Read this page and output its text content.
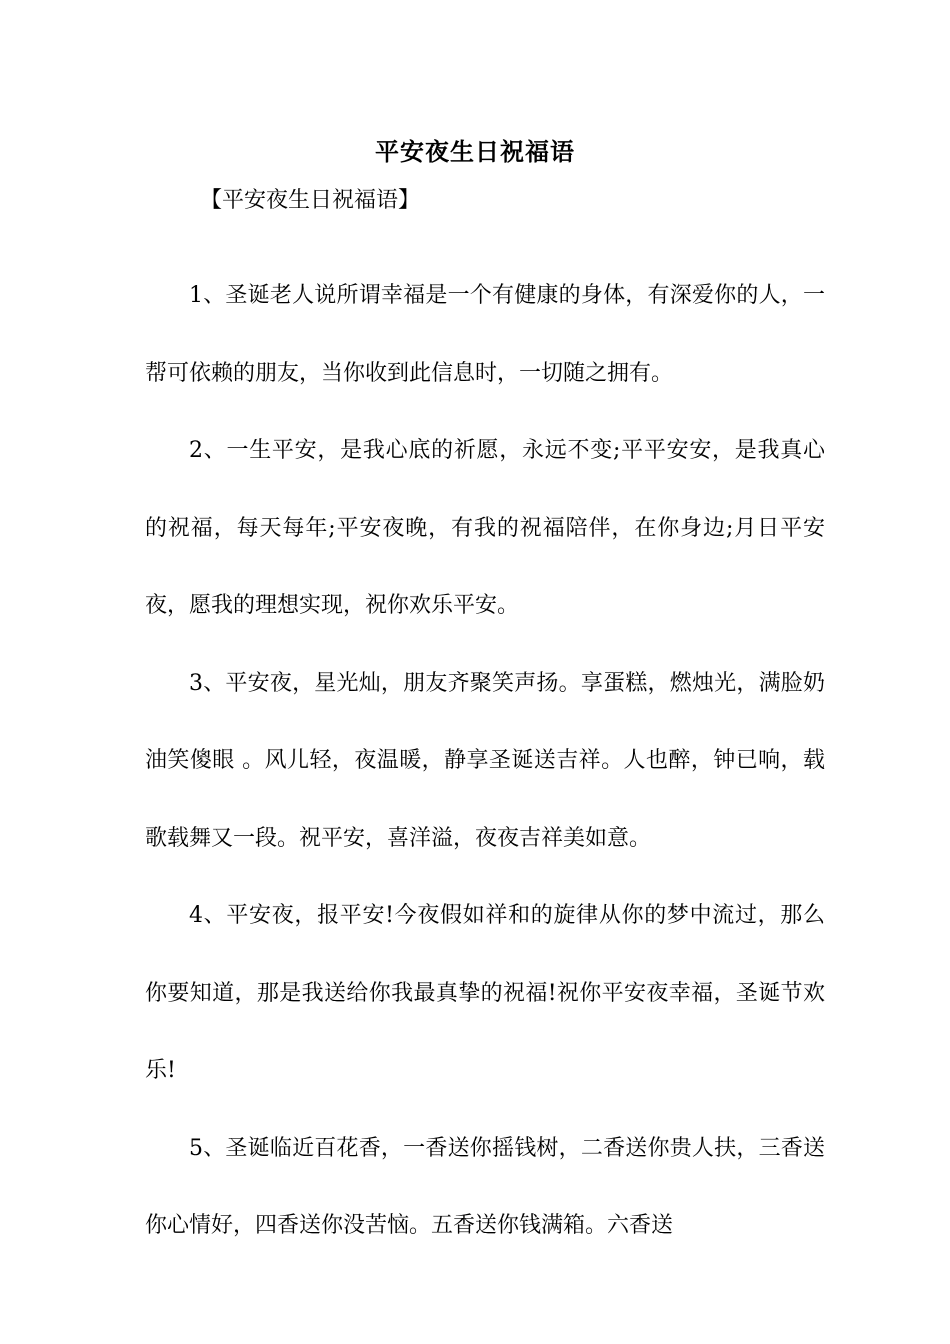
平安夜生日祝福语
【平安夜生日祝福语】

1、圣诞老人说所谓幸福是一个有健康的身体，有深爱你的人，一帮可依赖的朋友，当你收到此信息时，一切随之拥有。

2、一生平安，是我心底的祈愿，永远不变;平平安安，是我真心的祝福，每天每年;平安夜晚，有我的祝福陪伴，在你身边;月日平安夜，愿我的理想实现，祝你欢乐平安。

3、平安夜，星光灿，朋友齐聚笑声扬。享蛋糕，燃烛光，满脸奶油笑傻眼 。风儿轻，夜温暖，静享圣诞送吉祥。人也醉，钟已响，载歌载舞又一段。祝平安，喜洋溢，夜夜吉祥美如意。

4、平安夜，报平安!今夜假如祥和的旋律从你的梦中流过，那么你要知道，那是我送给你我最真挚的祝福!祝你平安夜幸福，圣诞节欢乐!

5、圣诞临近百花香，一香送你摇钱树，二香送你贵人扶，三香送你心情好，四香送你没苦恼。五香送你钱满箱。六香送
